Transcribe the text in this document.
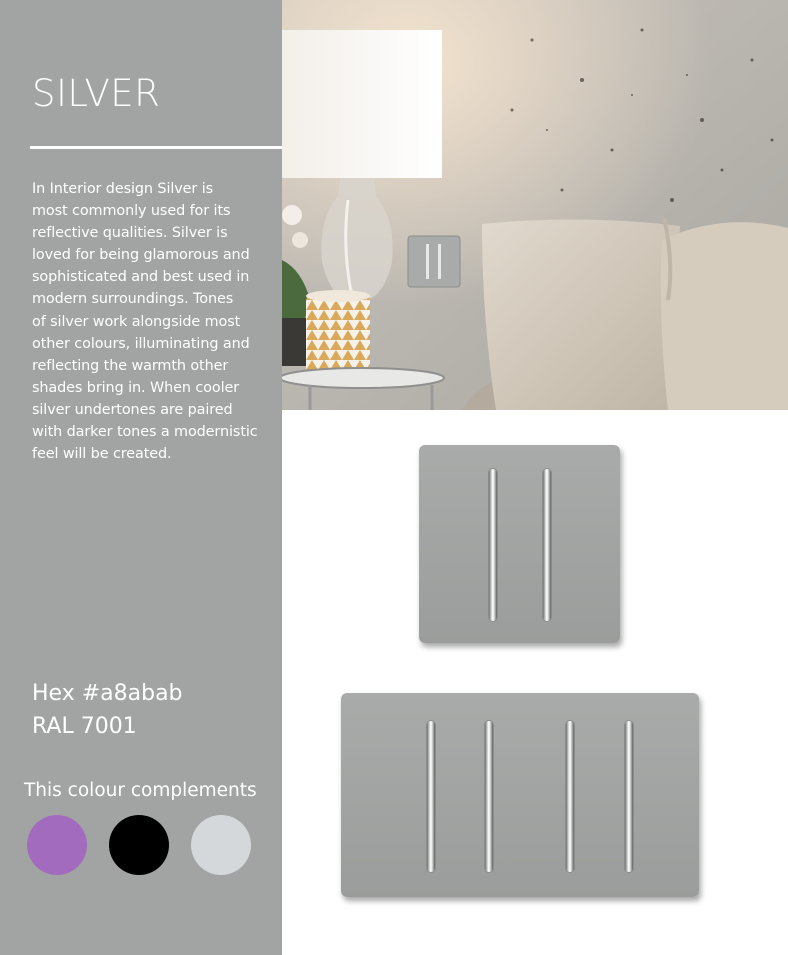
SILVER
In Interior design Silver is
most commonly used for its
reflective qualities. Silver is
loved for being glamorous and
sophisticated and best used in
modern surroundings. Tones
of silver work alongside most
other colours, illuminating and
reflecting the warmth other
shades bring in. When cooler
silver undertones are paired
with darker tones a modernistic
feel will be created.
Hex #a8abab
RAL 7001
This colour complements
